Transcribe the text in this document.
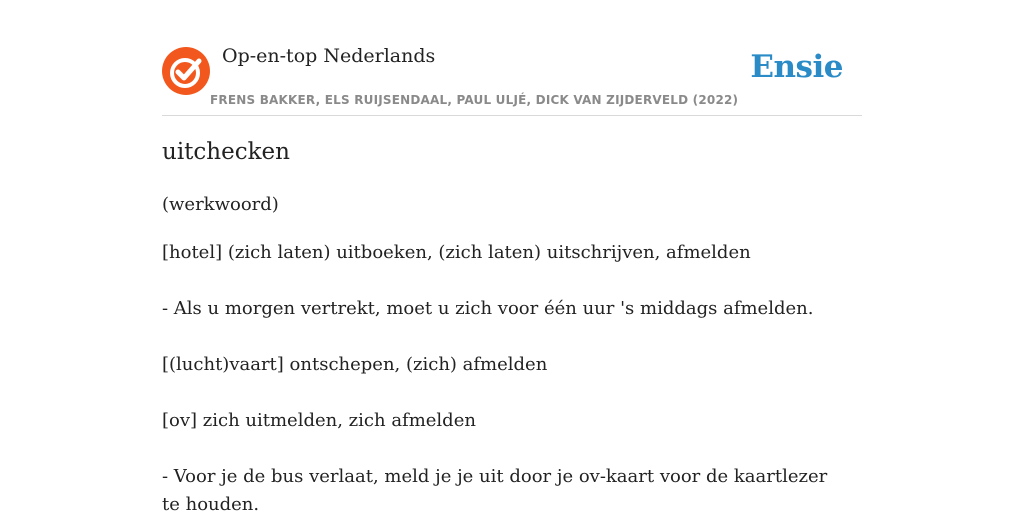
Op-en-top Nederlands
FRENS BAKKER, ELS RUIJSENDAAL, PAUL ULJÉ, DICK VAN ZIJDERVELD (2022)
Ensie
uitchecken
(werkwoord)
[hotel] (zich laten) uitboeken, (zich laten) uitschrijven, afmelden
- Als u morgen vertrekt, moet u zich voor één uur 's middags afmelden.
[(lucht)vaart] ontschepen, (zich) afmelden
[ov] zich uitmelden, zich afmelden
- Voor je de bus verlaat, meld je je uit door je ov-kaart voor de kaartlezer te houden.
